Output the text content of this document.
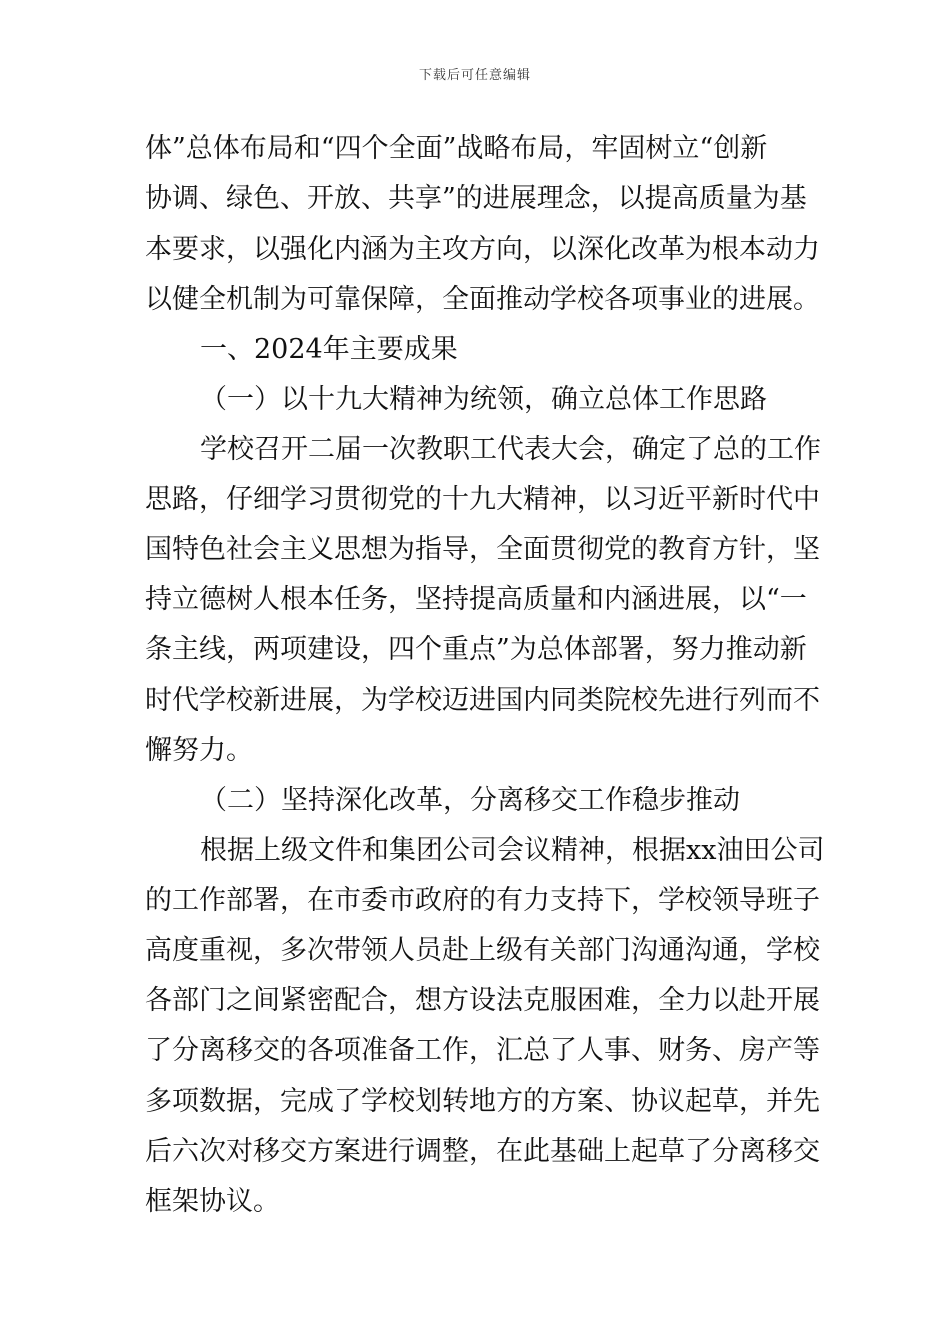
下载后可任意编辑
体”总体布局和“四个全面”战略布局，牢固树立“创新
协调、绿色、开放、共享”的进展理念，以提高质量为基
本要求，以强化内涵为主攻方向，以深化改革为根本动力
以健全机制为可靠保障，全面推动学校各项事业的进展。
一、2024年主要成果
（一）以十九大精神为统领，确立总体工作思路
学校召开二届一次教职工代表大会，确定了总的工作
思路，仔细学习贯彻党的十九大精神，以习近平新时代中
国特色社会主义思想为指导，全面贯彻党的教育方针，坚
持立德树人根本任务，坚持提高质量和内涵进展，以“一
条主线，两项建设，四个重点”为总体部署，努力推动新
时代学校新进展，为学校迈进国内同类院校先进行列而不
懈努力。
（二）坚持深化改革，分离移交工作稳步推动
根据上级文件和集团公司会议精神，根据xx油田公司
的工作部署，在市委市政府的有力支持下，学校领导班子
高度重视，多次带领人员赴上级有关部门沟通沟通，学校
各部门之间紧密配合，想方设法克服困难，全力以赴开展
了分离移交的各项准备工作，汇总了人事、财务、房产等
多项数据，完成了学校划转地方的方案、协议起草，并先
后六次对移交方案进行调整，在此基础上起草了分离移交
框架协议。
